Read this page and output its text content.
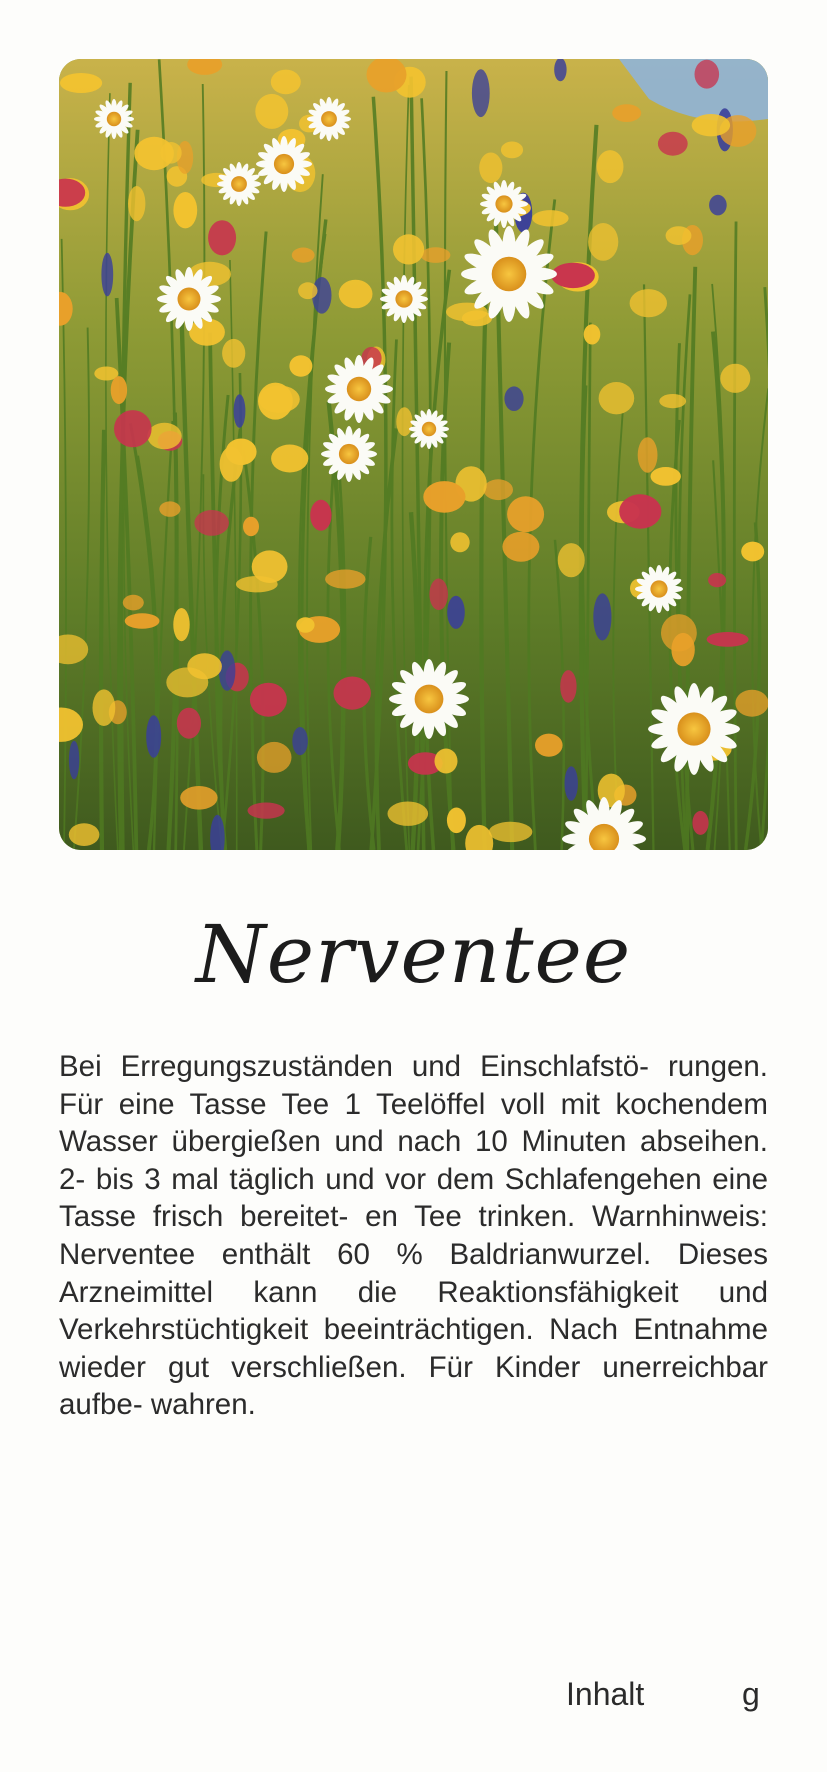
Nerventee

Bei Erregungszuständen und Einschlafstö- rungen. Für eine Tasse Tee 1 Teelöffel voll mit kochendem Wasser übergießen und nach 10 Minuten abseihen. 2- bis 3 mal täglich und vor dem Schlafengehen eine Tasse frisch bereitet- en Tee trinken. Warnhinweis: Nerventee enthält 60 % Baldrianwurzel. Dieses Arzneimittel kann die Reaktionsfähigkeit und Verkehrstüchtigkeit beeinträchtigen. Nach Entnahme wieder gut verschließen. Für Kinder unerreichbar aufbe- wahren.

Inhalt	g
